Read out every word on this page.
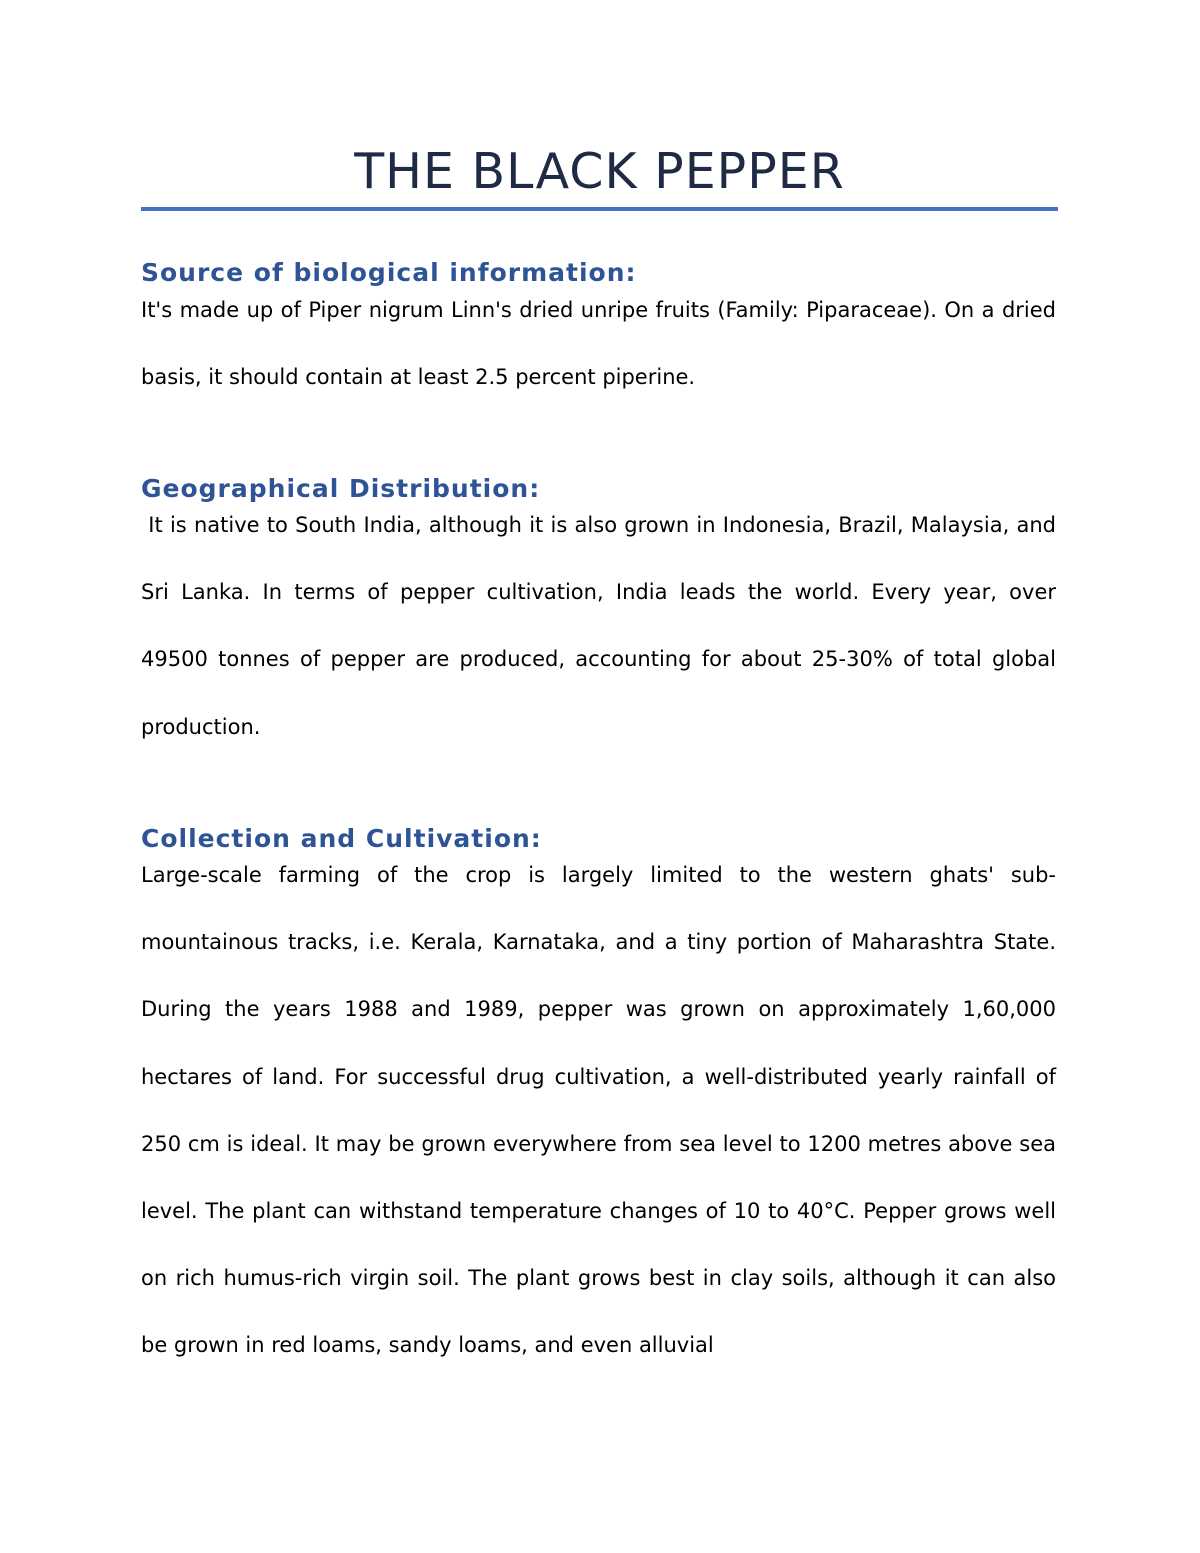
THE BLACK PEPPER
Source of biological information:
It's made up of Piper nigrum Linn's dried unripe fruits (Family: Piparaceae). On a dried basis, it should contain at least 2.5 percent piperine.
Geographical Distribution:
It is native to South India, although it is also grown in Indonesia, Brazil, Malaysia, and Sri Lanka. In terms of pepper cultivation, India leads the world. Every year, over 49500 tonnes of pepper are produced, accounting for about 25-30% of total global production.
Collection and Cultivation:
Large-scale farming of the crop is largely limited to the western ghats' sub-mountainous tracks, i.e. Kerala, Karnataka, and a tiny portion of Maharashtra State. During the years 1988 and 1989, pepper was grown on approximately 1,60,000 hectares of land. For successful drug cultivation, a well-distributed yearly rainfall of 250 cm is ideal. It may be grown everywhere from sea level to 1200 metres above sea level. The plant can withstand temperature changes of 10 to 40°C. Pepper grows well on rich humus-rich virgin soil. The plant grows best in clay soils, although it can also be grown in red loams, sandy loams, and even alluvial
